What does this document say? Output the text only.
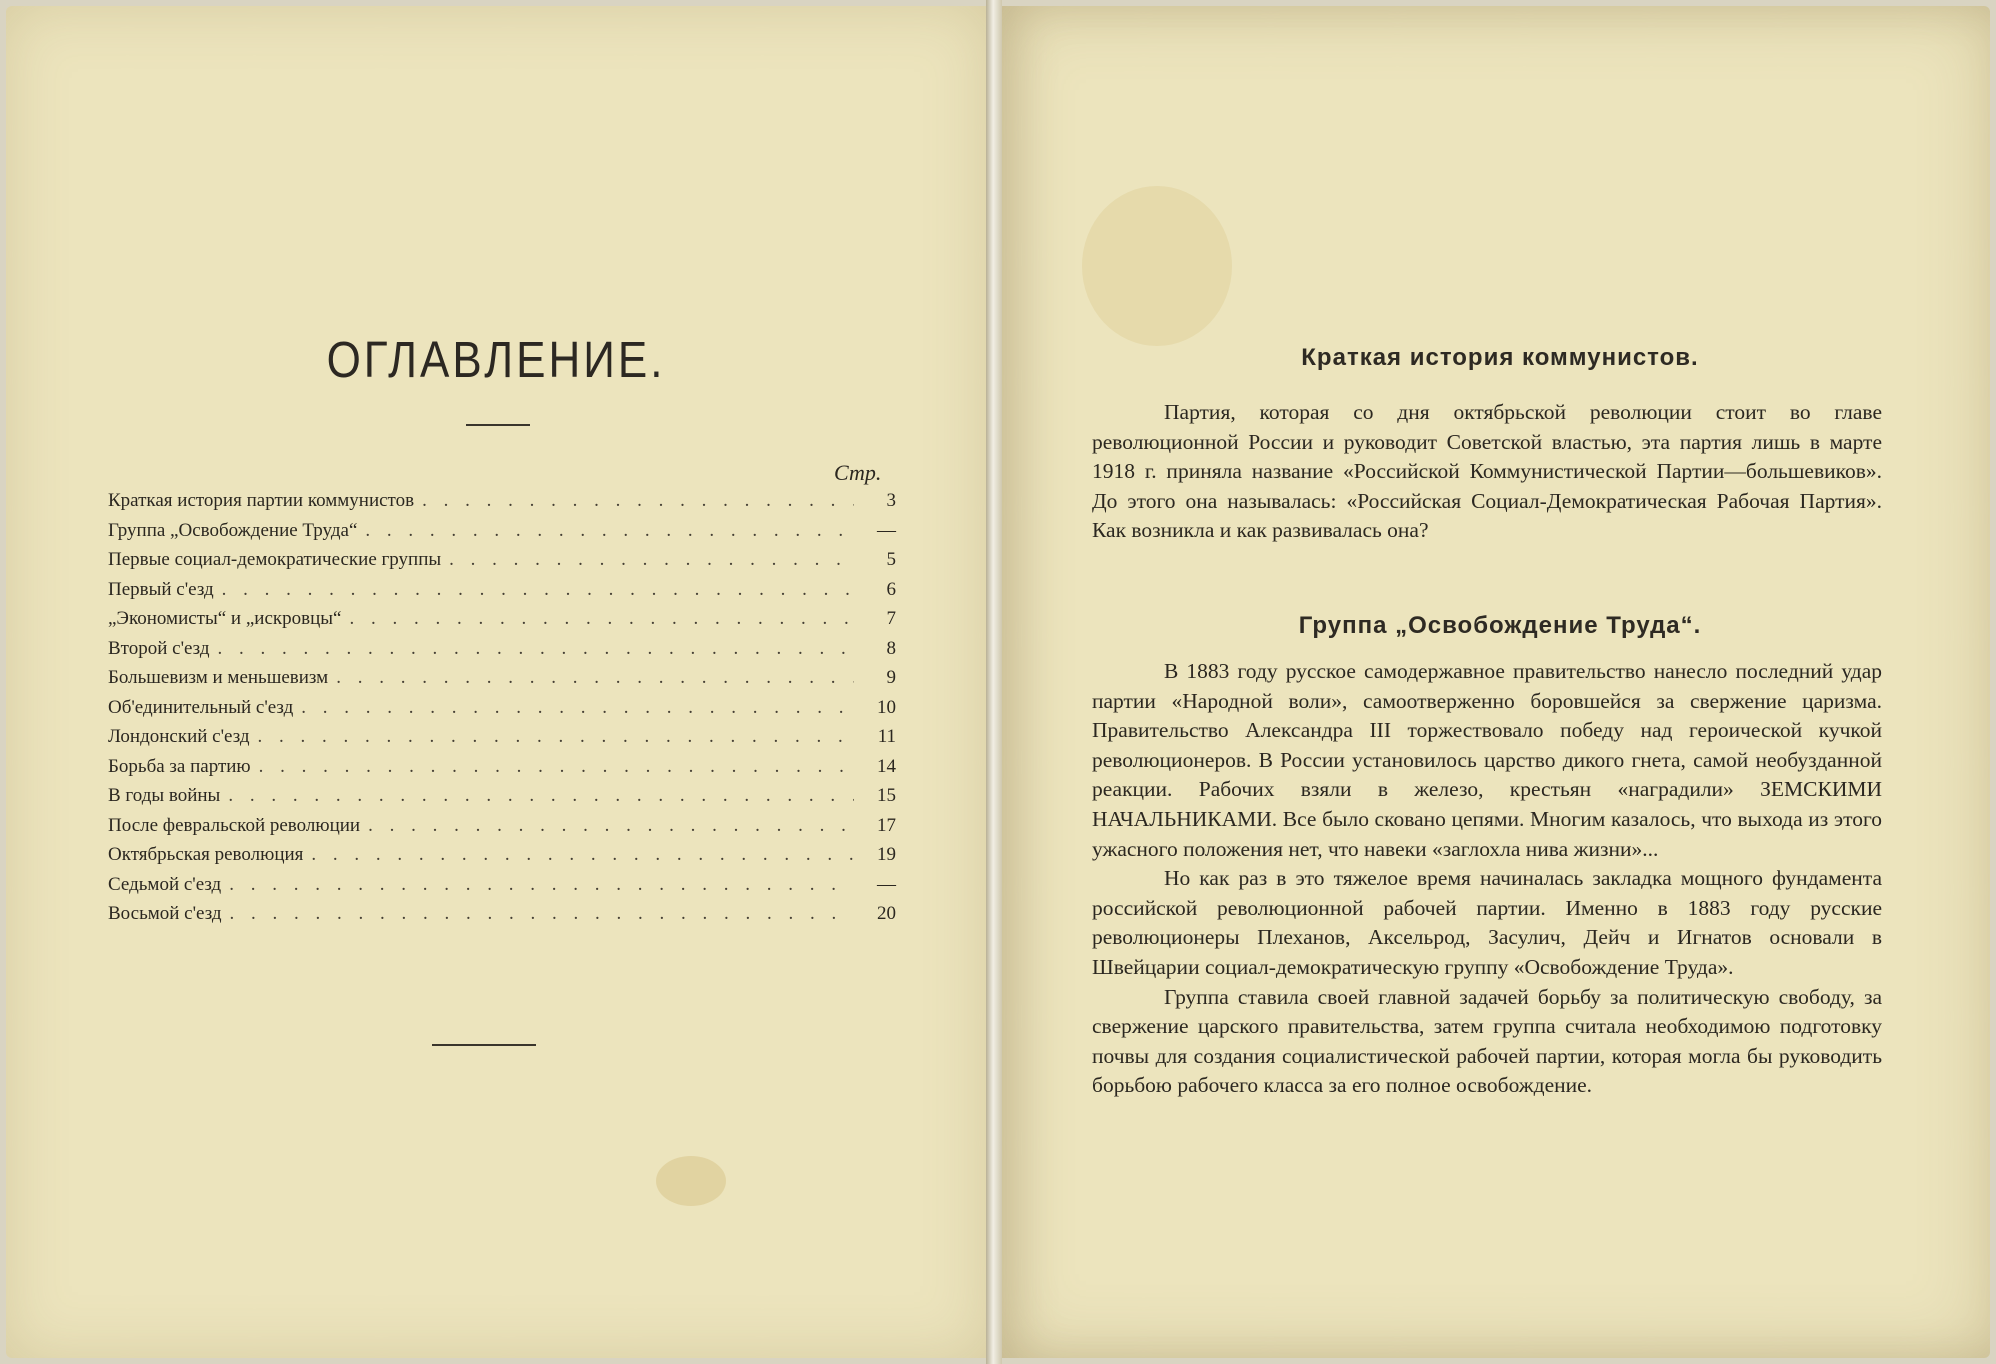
ОГЛАВЛЕНИЕ.
Стр.
Краткая история партии коммунистов . . .	3
Группа „Освобождение Труда“ . . .	—
Первые социал-демократические группы . . .	5
Первый с'езд . . .	6
„Экономисты“ и „искровцы“ . . .	7
Второй с'езд . . .	8
Большевизм и меньшевизм . . .	9
Об'единительный с'езд . . .	10
Лондонский с'езд . . .	11
Борьба за партию . . .	14
В годы войны . . .	15
После февральской революции . . .	17
Октябрьская революция . . .	19
Седьмой с'езд . . .	—
Восьмой с'езд . . .	20
Краткая история коммунистов.

Партия, которая со дня октябрьской революции стоит во главе революционной России и руководит Советской властью, эта партия лишь в марте 1918 г. приняла название «Российской Коммунистической Партии—большевиков». До этого она называлась: «Российская Социал-Демократическая Рабочая Партия». Как возникла и как развивалась она?

Группа „Освобождение Труда“.

В 1883 году русское самодержавное правительство нанесло последний удар партии «Народной воли», самоотверженно боровшейся за свержение царизма. Правительство Александра III торжествовало победу над героической кучкой революционеров. В России установилось царство дикого гнета, самой необузданной реакции. Рабочих взяли в железо, крестьян «наградили» ЗЕМСКИМИ НАЧАЛЬНИКАМИ. Все было сковано цепями. Многим казалось, что выхода из этого ужасного положения нет, что навеки «заглохла нива жизни»...

Но как раз в это тяжелое время начиналась закладка мощного фундамента российской революционной рабочей партии. Именно в 1883 году русские революционеры Плеханов, Аксельрод, Засулич, Дейч и Игнатов основали в Швейцарии социал-демократическую группу «Освобождение Труда».

Группа ставила своей главной задачей борьбу за политическую свободу, за свержение царского правительства, затем группа считала необходимою подготовку почвы для создания социалистической рабочей партии, которая могла бы руководить борьбою рабочего класса за его полное освобождение.
